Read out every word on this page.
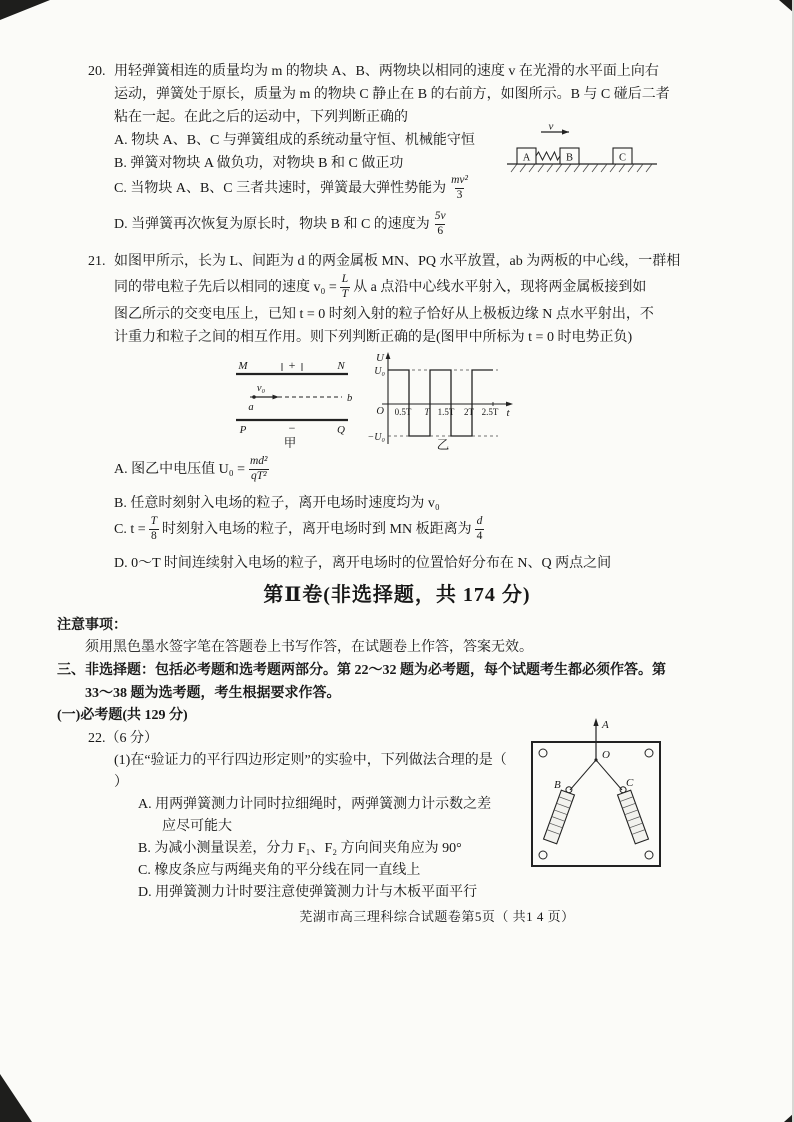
20. 用轻弹簧相连的质量均为 m 的物块 A、B、两物块以相同的速度 v 在光滑的水平面上向右
运动，弹簧处于原长，质量为 m 的物块 C 静止在 B 的右前方，如图所示。B 与 C 碰后二者
粘在一起。在此之后的运动中，下列判断正确的
A. 物块 A、B、C 与弹簧组成的系统动量守恒、机械能守恒
B. 弹簧对物块 A 做负功，对物块 B 和 C 做正功
C. 当物块 A、B、C 三者共速时，弹簧最大弹性势能为 $\frac{\text{mv²}}{3}$
D. 当弹簧再次恢复为原长时，物块 B 和 C 的速度为 $\frac{5v}{6}$
v
A	B	C
21. 如图甲所示，长为 L、间距为 d 的两金属板 MN、PQ 水平放置，ab 为两板的中心线，一群相
同的带电粒子先后以相同的速度 $v_0 = \frac{L}{T}$ 从 a 点沿中心线水平射入，现将两金属板接到如
图乙所示的交变电压上，已知 t = 0 时刻入射的粒子恰好从上极板边缘 N 点水平射出，不
计重力和粒子之间的相互作用。则下列判断正确的是(图甲中所标为 t = 0 时电势正负)
M	+	N
v₀
a
b
P	−	Q
甲
U
t
U₀
O
−U₀
0.5T T 1.5T 2T 2.5T
乙
A. 图乙中电压值 $U_0 = \frac{\text{md²}}{\text{qT²}}$
B. 任意时刻射入电场的粒子，离开电场时速度均为 v₀
C. $t = \frac{T}{8}$ 时刻射入电场的粒子，离开电场时到 MN 板距离为 $\frac{d}{4}$
D. 0～T 时间连续射入电场的粒子，离开电场时的位置恰好分布在 N、Q 两点之间
第Ⅱ卷(非选择题，共 174 分)
注意事项：
须用黑色墨水签字笔在答题卷上书写作答，在试题卷上作答，答案无效。
三、非选择题：包括必考题和选考题两部分。第 22～32 题为必考题，每个试题考生都必须作答。第
33～38 题为选考题，考生根据要求作答。
(一)必考题(共 129 分)
22.（6 分）
(1)在“验证力的平行四边形定则”的实验中，下列做法合理的是（
）
A. 用两弹簧测力计同时拉细绳时，两弹簧测力计示数之差
应尽可能大
B. 为减小测量误差，分力 F₁、F₂ 方向间夹角应为 90°
C. 橡皮条应与两绳夹角的平分线在同一直线上
D. 用弹簧测力计时要注意使弹簧测力计与木板平面平行
A
O
B	C
芜湖市高三理科综合试题卷第5页（ 共1 4 页）
